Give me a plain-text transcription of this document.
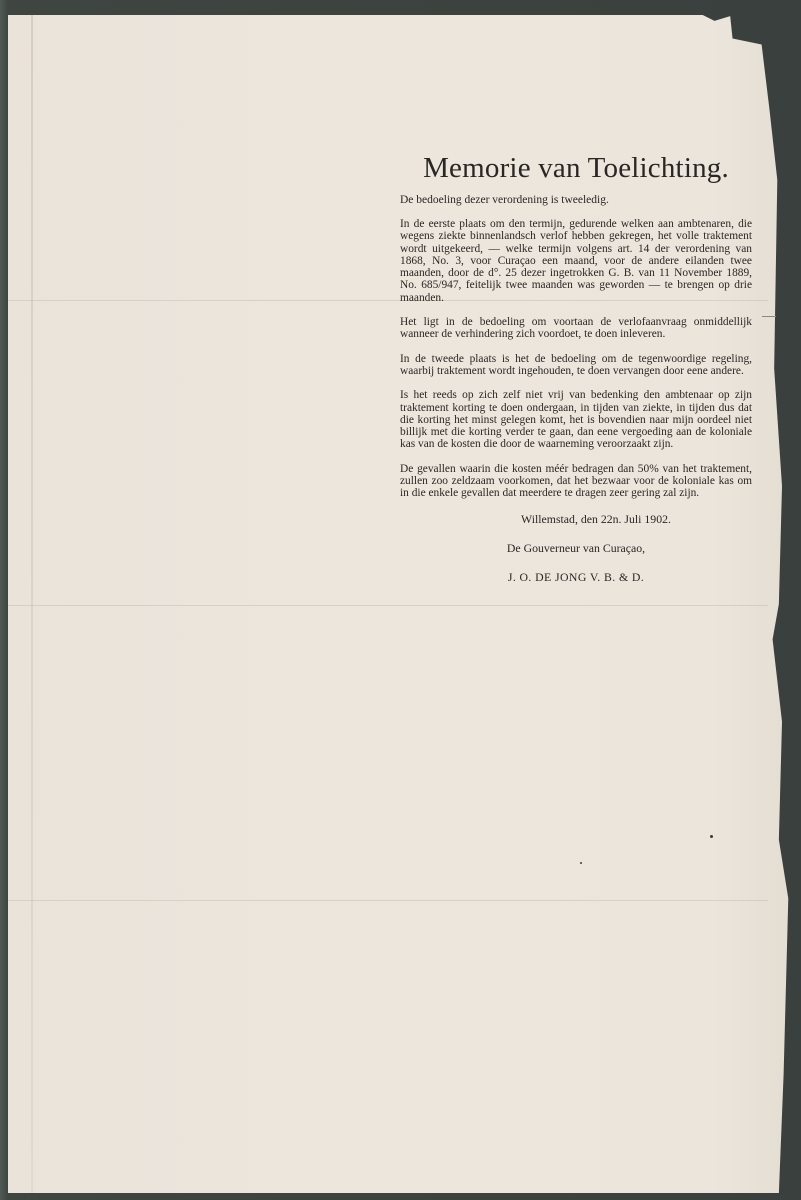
Memorie van Toelichting.

De bedoeling dezer verordening is tweeledig.

In de eerste plaats om den termijn, gedurende welken aan ambtenaren, die wegens ziekte binnenlandsch verlof hebben gekregen, het volle traktement wordt uitgekeerd, — welke termijn volgens art. 14 der verordening van 1868, No. 3, voor Curaçao een maand, voor de andere eilanden twee maanden, door de d°. 25 dezer ingetrokken G. B. van 11 November 1889, No. 685/947, feitelijk twee maanden was geworden — te brengen op drie maanden.

Het ligt in de bedoeling om voortaan de verlofaanvraag onmiddellijk wanneer de verhindering zich voordoet, te doen inleveren.

In de tweede plaats is het de bedoeling om de tegenwoordige regeling, waarbij traktement wordt ingehouden, te doen vervangen door eene andere.

Is het reeds op zich zelf niet vrij van bedenking den ambtenaar op zijn traktement korting te doen ondergaan, in tijden van ziekte, in tijden dus dat die korting het minst gelegen komt, het is bovendien naar mijn oordeel niet billijk met die korting verder te gaan, dan eene vergoeding aan de koloniale kas van de kosten die door de waarneming veroorzaakt zijn.

De gevallen waarin die kosten méér bedragen dan 50% van het traktement, zullen zoo zeldzaam voorkomen, dat het bezwaar voor de koloniale kas om in die enkele gevallen dat meerdere te dragen zeer gering zal zijn.

Willemstad, den 22n. Juli 1902.

De Gouverneur van Curaçao,

J. O. DE JONG V. B. & D.
